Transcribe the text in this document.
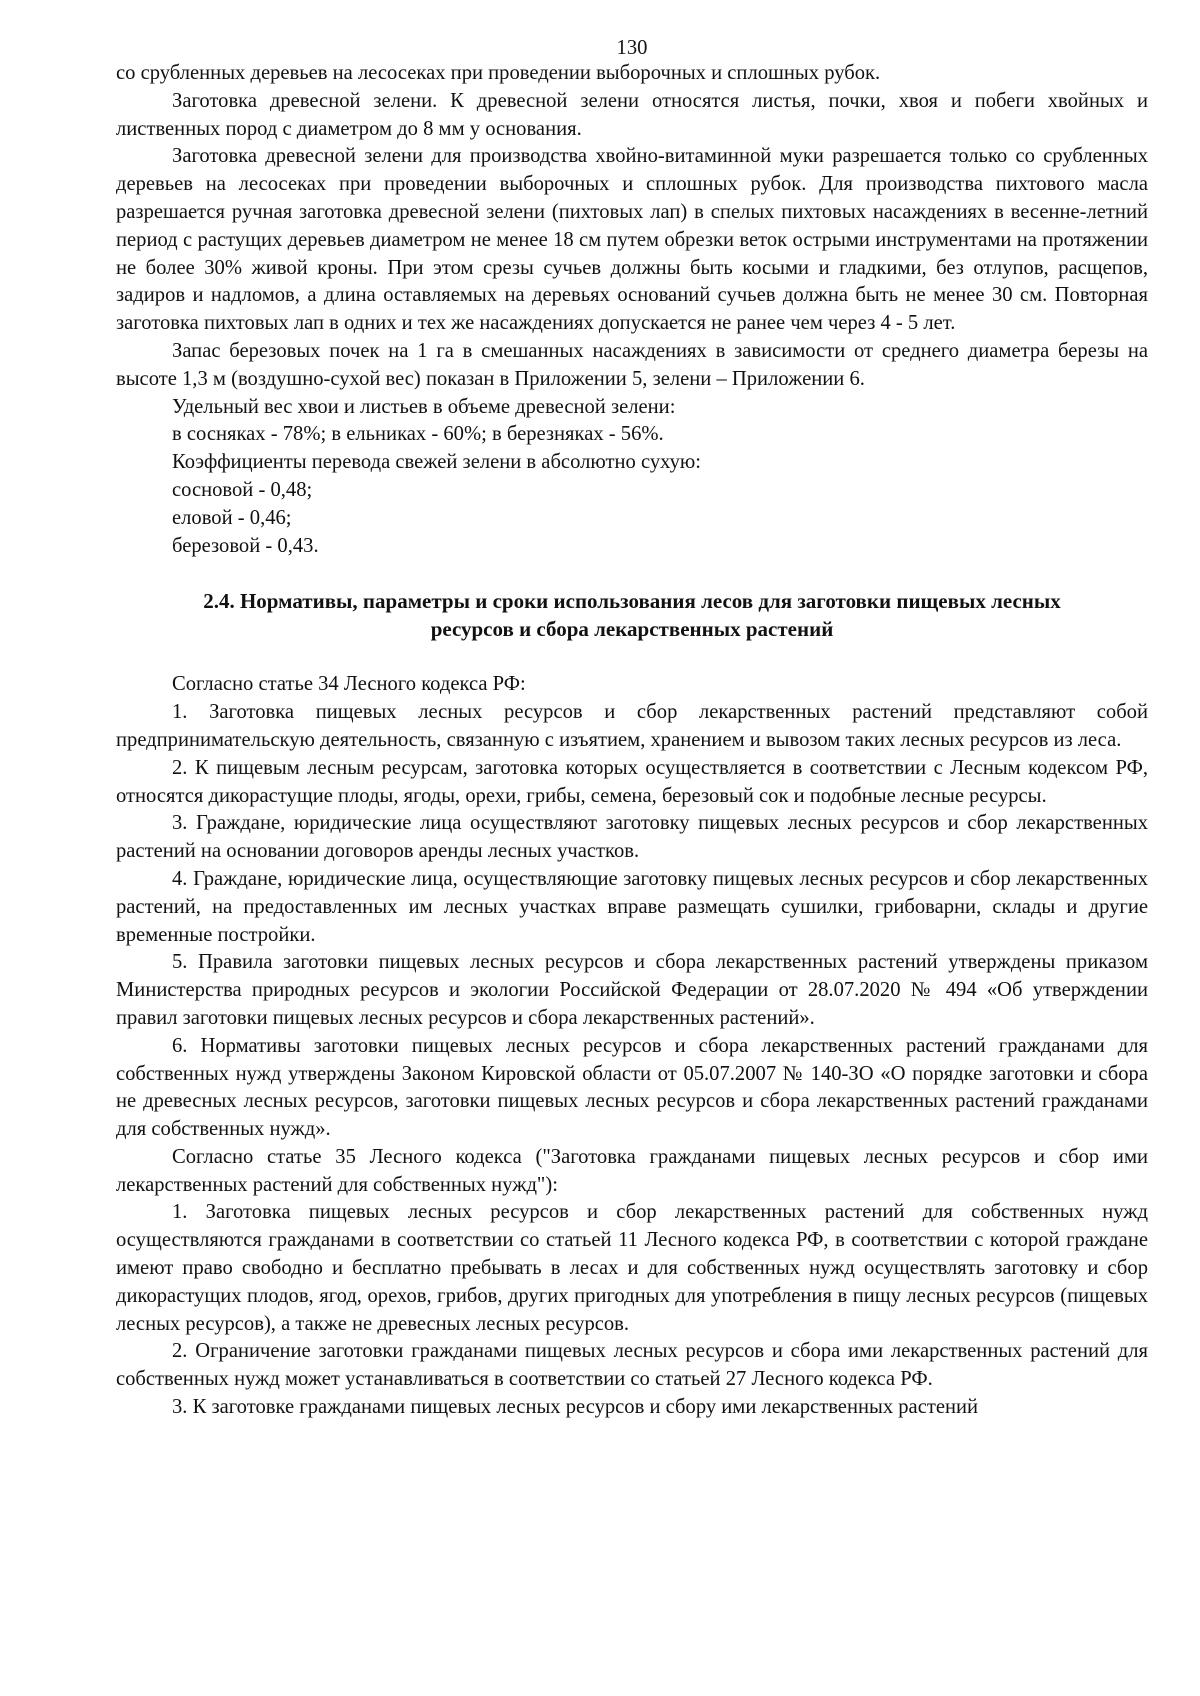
130

со срубленных деревьев на лесосеках при проведении выборочных и сплошных рубок.

Заготовка древесной зелени. К древесной зелени относятся листья, почки, хвоя и побеги хвойных и лиственных пород с диаметром до 8 мм у основания.

Заготовка древесной зелени для производства хвойно-витаминной муки разрешается только со срубленных деревьев на лесосеках при проведении выборочных и сплошных рубок. Для производства пихтового масла разрешается ручная заготовка древесной зелени (пихтовых лап) в спелых пихтовых насаждениях в весенне-летний период с растущих деревьев диаметром не менее 18 см путем обрезки веток острыми инструментами на протяжении не более 30% живой кроны. При этом срезы сучьев должны быть косыми и гладкими, без отлупов, расщепов, задиров и надломов, а длина оставляемых на деревьях оснований сучьев должна быть не менее 30 см. Повторная заготовка пихтовых лап в одних и тех же насаждениях допускается не ранее чем через 4 - 5 лет.

Запас березовых почек на 1 га в смешанных насаждениях в зависимости от среднего диаметра березы на высоте 1,3 м (воздушно-сухой вес) показан в Приложении 5, зелени – Приложении 6.

Удельный вес хвои и листьев в объеме древесной зелени:

в сосняках - 78%; в ельниках - 60%; в березняках - 56%.

Коэффициенты перевода свежей зелени в абсолютно сухую:

сосновой - 0,48;

еловой - 0,46;

березовой - 0,43.

2.4. Нормативы, параметры и сроки использования лесов для заготовки пищевых лесных
ресурсов и сбора лекарственных растений

Согласно статье 34 Лесного кодекса РФ:

1. Заготовка пищевых лесных ресурсов и сбор лекарственных растений представляют собой предпринимательскую деятельность, связанную с изъятием, хранением и вывозом таких лесных ресурсов из леса.

2. К пищевым лесным ресурсам, заготовка которых осуществляется в соответствии с Лесным кодексом РФ, относятся дикорастущие плоды, ягоды, орехи, грибы, семена, березовый сок и подобные лесные ресурсы.

3. Граждане, юридические лица осуществляют заготовку пищевых лесных ресурсов и сбор лекарственных растений на основании договоров аренды лесных участков.

4. Граждане, юридические лица, осуществляющие заготовку пищевых лесных ресурсов и сбор лекарственных растений, на предоставленных им лесных участках вправе размещать сушилки, грибоварни, склады и другие временные постройки.

5. Правила заготовки пищевых лесных ресурсов и сбора лекарственных растений утверждены приказом Министерства природных ресурсов и экологии Российской Федерации от 28.07.2020 № 494 «Об утверждении правил заготовки пищевых лесных ресурсов и сбора лекарственных растений».

6. Нормативы заготовки пищевых лесных ресурсов и сбора лекарственных растений гражданами для собственных нужд утверждены Законом Кировской области от 05.07.2007 № 140-ЗО «О порядке заготовки и сбора не древесных лесных ресурсов, заготовки пищевых лесных ресурсов и сбора лекарственных растений гражданами для собственных нужд».

Согласно статье 35 Лесного кодекса ("Заготовка гражданами пищевых лесных ресурсов и сбор ими лекарственных растений для собственных нужд"):

1. Заготовка пищевых лесных ресурсов и сбор лекарственных растений для собственных нужд осуществляются гражданами в соответствии со статьей 11 Лесного кодекса РФ, в соответствии с которой граждане имеют право свободно и бесплатно пребывать в лесах и для собственных нужд осуществлять заготовку и сбор дикорастущих плодов, ягод, орехов, грибов, других пригодных для употребления в пищу лесных ресурсов (пищевых лесных ресурсов), а также не древесных лесных ресурсов.

2. Ограничение заготовки гражданами пищевых лесных ресурсов и сбора ими лекарственных растений для собственных нужд может устанавливаться в соответствии со статьей 27 Лесного кодекса РФ.

3. К заготовке гражданами пищевых лесных ресурсов и сбору ими лекарственных растений
